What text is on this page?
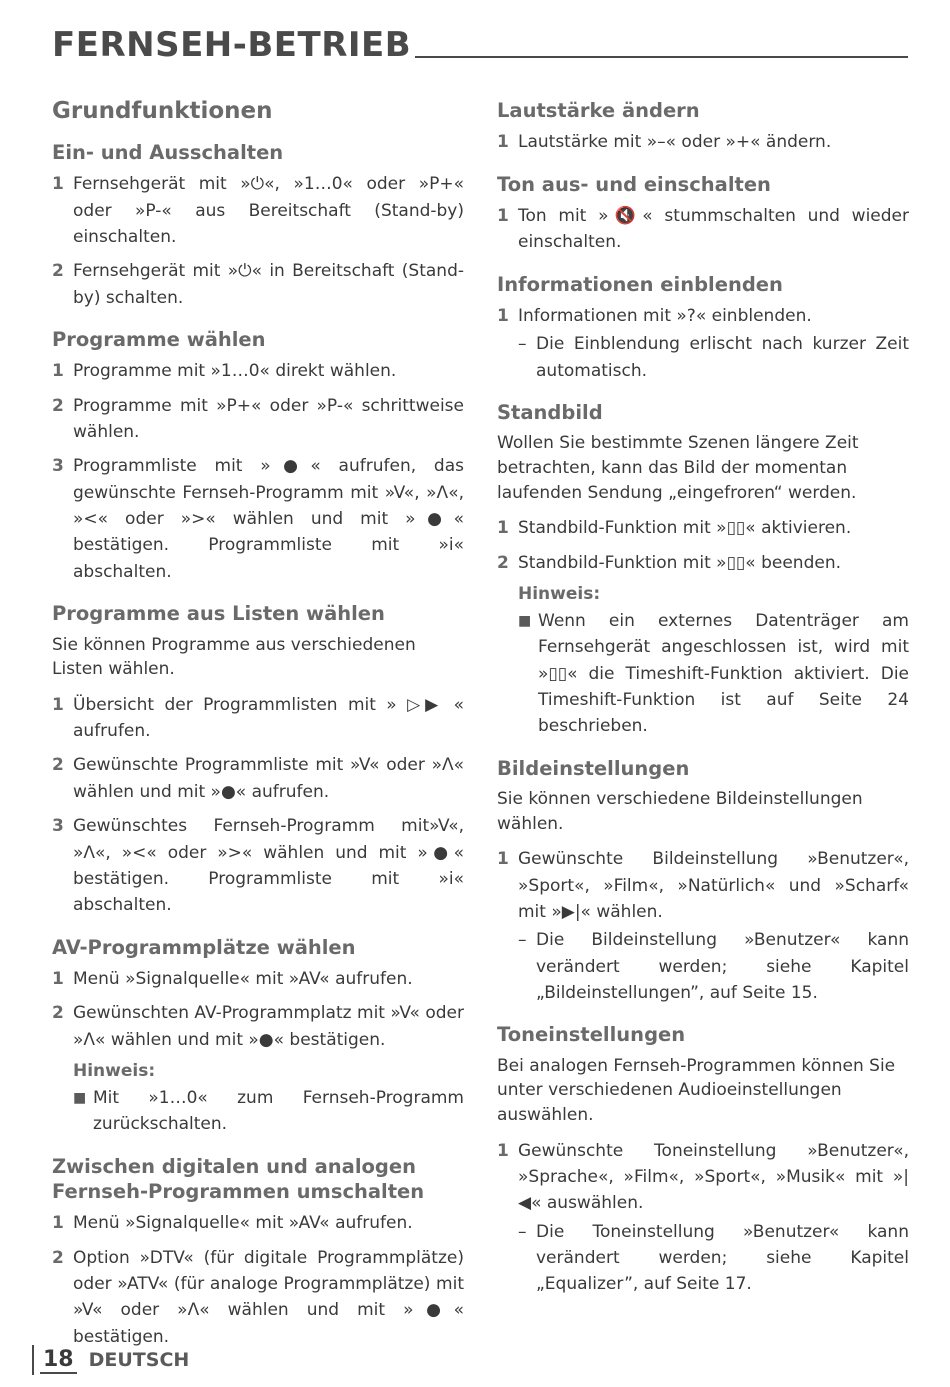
FERNSEH-BETRIEB
Grundfunktionen
Ein- und Ausschalten
1 Fernsehgerät mit »⏻«, »1…0« oder »P+« oder »P-« aus Bereitschaft (Stand-by) einschalten.
2 Fernsehgerät mit »⏻« in Bereitschaft (Stand-by) schalten.
Programme wählen
1 Programme mit »1…0« direkt wählen.
2 Programme mit »P+« oder »P-« schrittweise wählen.
3 Programmliste mit »●« aufrufen, das gewünschte Fernseh-Programm mit »V«, »Λ«, »<« oder »>« wählen und mit »●« bestätigen. Programmliste mit »i« abschalten.
Programme aus Listen wählen

Sie können Programme aus verschiedenen Listen wählen.

1 Übersicht der Programmlisten mit » ▷▶ « aufrufen.
2 Gewünschte Programmliste mit »V« oder »Λ« wählen und mit »●« aufrufen.
3 Gewünschtes Fernseh-Programm mit»V«, »Λ«, »<« oder »>« wählen und mit »●« bestätigen. Programmliste mit »i« abschalten.
AV-Programmplätze wählen
1 Menü »Signalquelle« mit »AV« aufrufen.
2 Gewünschten AV-Programmplatz mit »V« oder »Λ« wählen und mit »●« bestätigen.
Hinweis:
■ Mit »1…0« zum Fernseh-Programm zurückschalten.
Zwischen digitalen und analogen Fernseh-Programmen umschalten
1 Menü »Signalquelle« mit »AV« aufrufen.
2 Option »DTV« (für digitale Programmplätze) oder »ATV« (für analoge Programmplätze) mit »V« oder »Λ« wählen und mit »●« bestätigen.
Lautstärke ändern
1 Lautstärke mit »–« oder »+« ändern.
Ton aus- und einschalten
1 Ton mit »🔇« stummschalten und wieder einschalten.
Informationen einblenden
1 Informationen mit »?« einblenden.
– Die Einblendung erlischt nach kurzer Zeit automatisch.
Standbild

Wollen Sie bestimmte Szenen längere Zeit betrachten, kann das Bild der momentan laufenden Sendung „eingefroren“ werden.

1 Standbild-Funktion mit »▯▯« aktivieren.
2 Standbild-Funktion mit »▯▯« beenden.
Hinweis:
■ Wenn ein externes Datenträger am Fernsehgerät angeschlossen ist, wird mit »▯▯« die Timeshift-Funktion aktiviert. Die Timeshift-Funktion ist auf Seite 24 beschrieben.
Bildeinstellungen

Sie können verschiedene Bildeinstellungen wählen.

1 Gewünschte Bildeinstellung »Benutzer«, »Sport«, »Film«, »Natürlich« und »Scharf« mit »▶|« wählen.
– Die Bildeinstellung »Benutzer« kann verändert werden; siehe Kapitel „Bildeinstellungen”, auf Seite 15.
Toneinstellungen

Bei analogen Fernseh-Programmen können Sie unter verschiedenen Audioeinstellungen auswählen.

1 Gewünschte Toneinstellung »Benutzer«, »Sprache«, »Film«, »Sport«, »Musik« mit »|◀« auswählen.
– Die Toneinstellung »Benutzer« kann verändert werden; siehe Kapitel „Equalizer”, auf Seite 17.
18 DEUTSCH
